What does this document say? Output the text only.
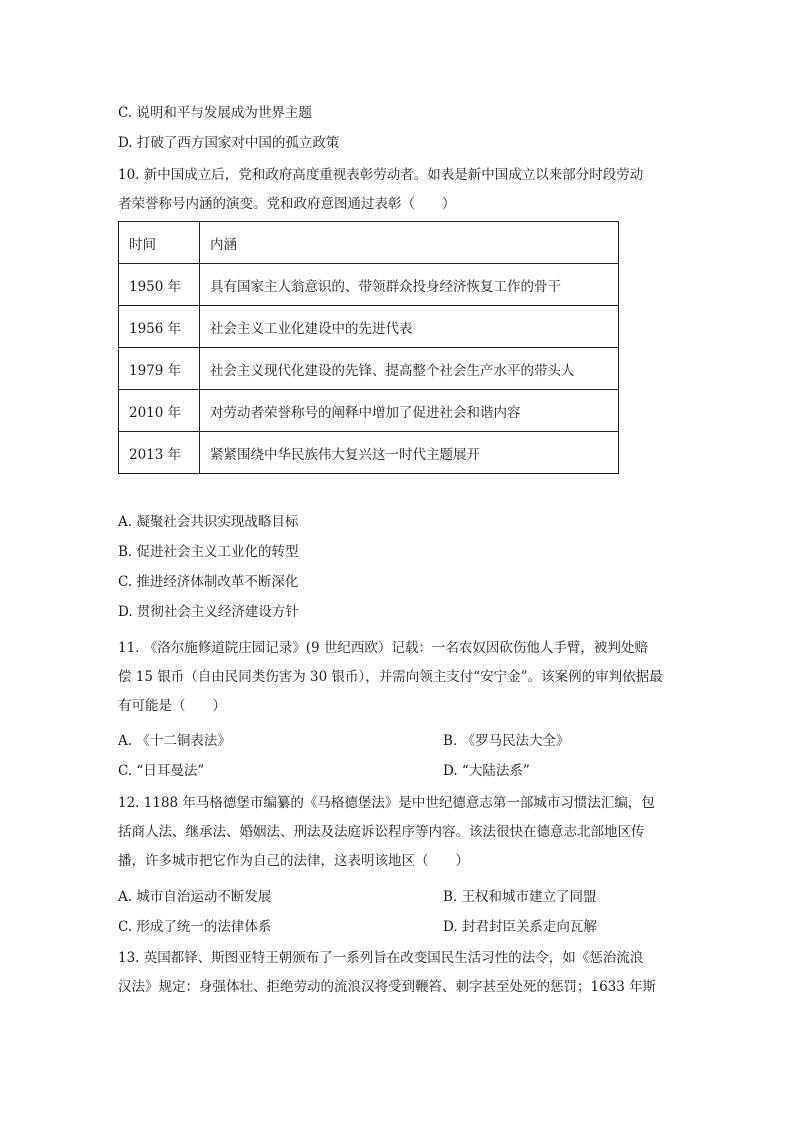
C. 说明和平与发展成为世界主题
D. 打破了西方国家对中国的孤立政策
10. 新中国成立后，党和政府高度重视表彰劳动者。如表是新中国成立以来部分时段劳动
者荣誉称号内涵的演变。党和政府意图通过表彰（　　）
时间	内涵
1950 年	具有国家主人翁意识的、带领群众投身经济恢复工作的骨干
1956 年	社会主义工业化建设中的先进代表
1979 年	社会主义现代化建设的先锋、提高整个社会生产水平的带头人
2010 年	对劳动者荣誉称号的阐释中增加了促进社会和谐内容
2013 年	紧紧围绕中华民族伟大复兴这一时代主题展开
A. 凝聚社会共识实现战略目标
B. 促进社会主义工业化的转型
C. 推进经济体制改革不断深化
D. 贯彻社会主义经济建设方针
11. 《洛尔施修道院庄园记录》(9 世纪西欧）记载：一名农奴因砍伤他人手臂，被判处赔
偿 15 银币（自由民同类伤害为 30 银币），并需向领主支付“安宁金”。该案例的审判依据最
有可能是（　　）
A. 《十二铜表法》	B. 《罗马民法大全》
C. “日耳曼法”	D. “大陆法系”
12. 1188 年马格德堡市编纂的《马格德堡法》是中世纪德意志第一部城市习惯法汇编，包
括商人法、继承法、婚姻法、刑法及法庭诉讼程序等内容。该法很快在德意志北部地区传
播，许多城市把它作为自己的法律，这表明该地区（　　）
A. 城市自治运动不断发展	B. 王权和城市建立了同盟
C. 形成了统一的法律体系	D. 封君封臣关系走向瓦解
13. 英国都铎、斯图亚特王朝颁布了一系列旨在改变国民生活习性的法令，如《惩治流浪
汉法》规定：身强体壮、拒绝劳动的流浪汉将受到鞭笞、刺字甚至处死的惩罚；1633 年斯
